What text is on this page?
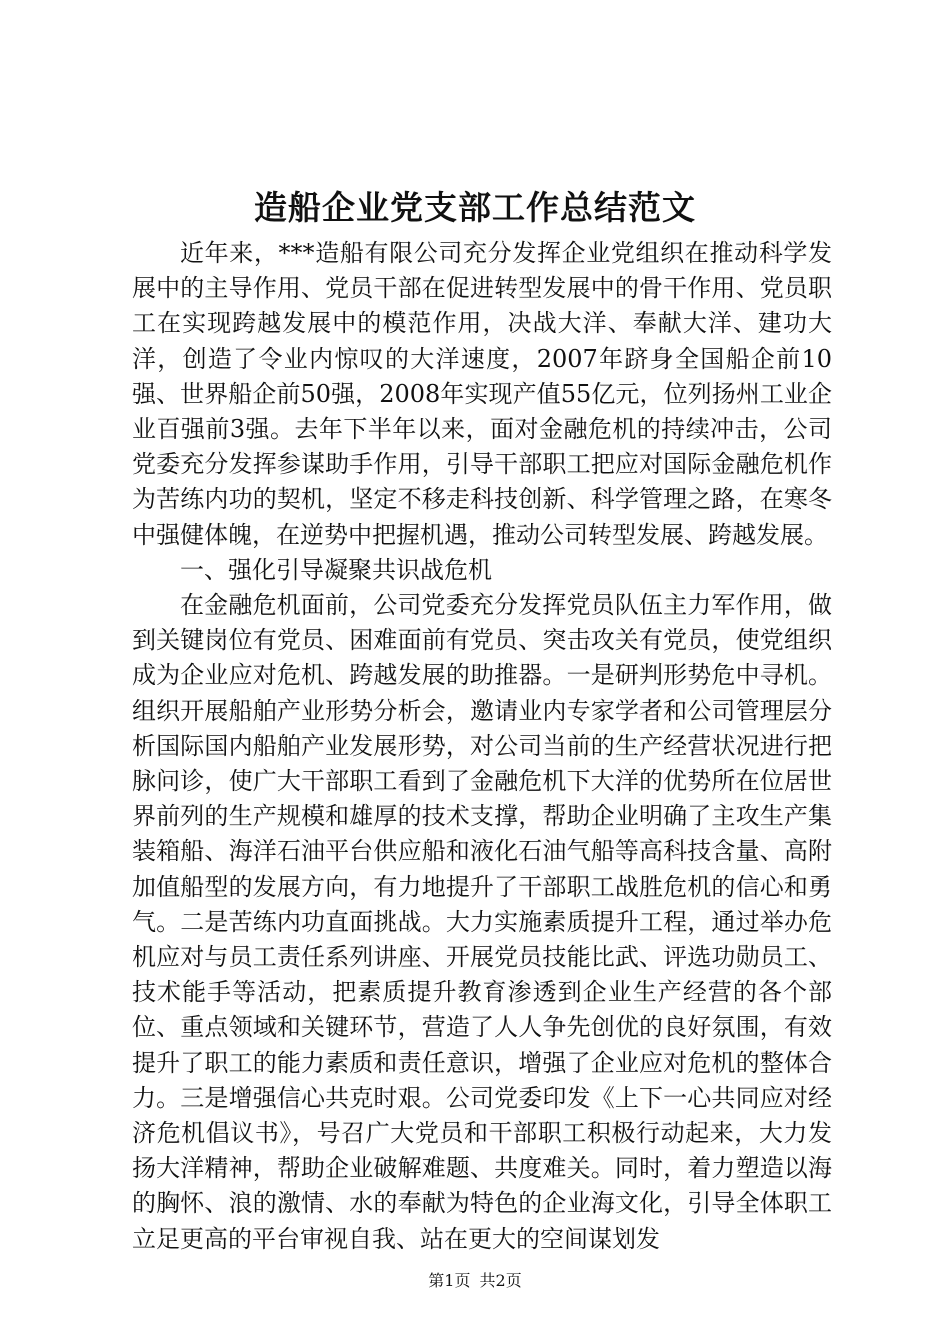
造船企业党支部工作总结范文

近年来，***造船有限公司充分发挥企业党组织在推动科学发展中的主导作用、党员干部在促进转型发展中的骨干作用、党员职工在实现跨越发展中的模范作用，决战大洋、奉献大洋、建功大洋，创造了令业内惊叹的大洋速度，2007年跻身全国船企前10强、世界船企前50强，2008年实现产值55亿元，位列扬州工业企业百强前3强。去年下半年以来，面对金融危机的持续冲击，公司党委充分发挥参谋助手作用，引导干部职工把应对国际金融危机作为苦练内功的契机，坚定不移走科技创新、科学管理之路，在寒冬中强健体魄，在逆势中把握机遇，推动公司转型发展、跨越发展。

一、强化引导凝聚共识战危机

在金融危机面前，公司党委充分发挥党员队伍主力军作用，做到关键岗位有党员、困难面前有党员、突击攻关有党员，使党组织成为企业应对危机、跨越发展的助推器。一是研判形势危中寻机。组织开展船舶产业形势分析会，邀请业内专家学者和公司管理层分析国际国内船舶产业发展形势，对公司当前的生产经营状况进行把脉问诊，使广大干部职工看到了金融危机下大洋的优势所在位居世界前列的生产规模和雄厚的技术支撑，帮助企业明确了主攻生产集装箱船、海洋石油平台供应船和液化石油气船等高科技含量、高附加值船型的发展方向，有力地提升了干部职工战胜危机的信心和勇气。二是苦练内功直面挑战。大力实施素质提升工程，通过举办危机应对与员工责任系列讲座、开展党员技能比武、评选功勋员工、技术能手等活动，把素质提升教育渗透到企业生产经营的各个部位、重点领域和关键环节，营造了人人争先创优的良好氛围，有效提升了职工的能力素质和责任意识，增强了企业应对危机的整体合力。三是增强信心共克时艰。公司党委印发《上下一心共同应对经济危机倡议书》，号召广大党员和干部职工积极行动起来，大力发扬大洋精神，帮助企业破解难题、共度难关。同时，着力塑造以海的胸怀、浪的激情、水的奉献为特色的企业海文化，引导全体职工立足更高的平台审视自我、站在更大的空间谋划发

第1页 共2页
